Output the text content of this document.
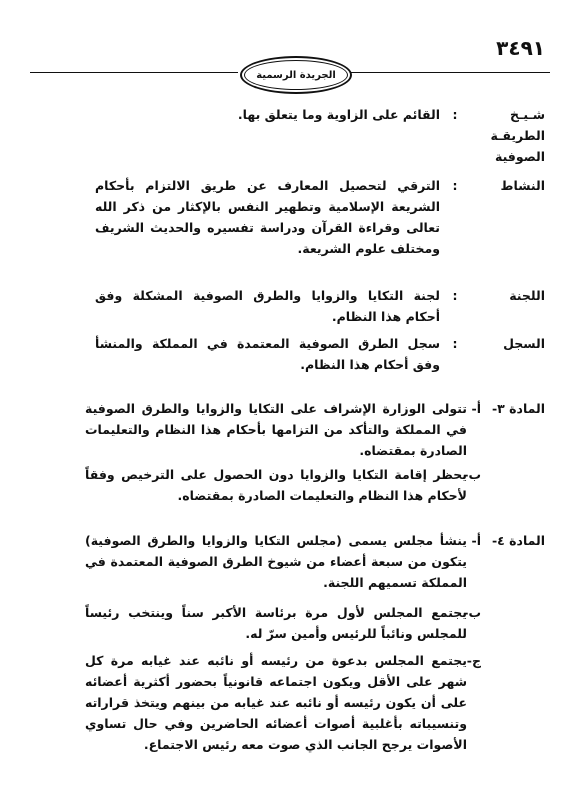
٣٤٩١
الجريدة الرسمية
شـيـخ الطريقـة الصوفية
:
القائم على الزاوية وما يتعلق بها.
النشاط
:
الترقي لتحصيل المعارف عن طريق الالتزام بأحكام الشريعة الإسلامية وتطهير النفس بالإكثار من ذكر الله تعالى وقراءة القرآن ودراسة تفسيره والحديث الشريف ومختلف علوم الشريعة.
اللجنة
:
لجنة التكايا والزوايا والطرق الصوفية المشكلة وفق أحكام هذا النظام.
السجل
:
سجل الطرق الصوفية المعتمدة في المملكة والمنشأ وفق أحكام هذا النظام.
المادة ٣-
أ-
تتولى الوزارة الإشراف على التكايا والزوايا والطرق الصوفية في المملكة والتأكد من التزامها بأحكام هذا النظام والتعليمات الصادرة بمقتضاه.
ب-
يحظر إقامة التكايا والزوايا دون الحصول على الترخيص وفقاً لأحكام هذا النظام والتعليمات الصادرة بمقتضاه.
المادة ٤-
أ-
ينشأ مجلس يسمى (مجلس التكايا والزوايا والطرق الصوفية) يتكون من سبعة أعضاء من شيوخ الطرق الصوفية المعتمدة في المملكة تسميهم اللجنة.
ب-
يجتمع المجلس لأول مرة برئاسة الأكبر سناً وينتخب رئيساً للمجلس ونائباً للرئيس وأمين سرّ له.
ج-
يجتمع المجلس بدعوة من رئيسه أو نائبه عند غيابه مرة كل شهر على الأقل ويكون اجتماعه قانونياً بحضور أكثرية أعضائه على أن يكون رئيسه أو نائبه عند غيابه من بينهم ويتخذ قراراته وتنسيباته بأغلبية أصوات أعضائه الحاضرين وفي حال تساوي الأصوات يرجح الجانب الذي صوت معه رئيس الاجتماع.
